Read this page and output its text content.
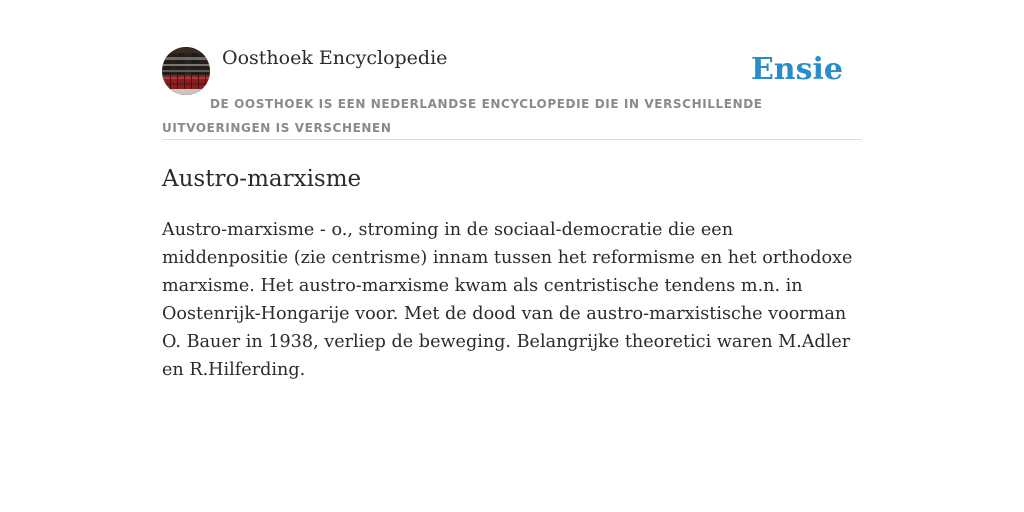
Oosthoek Encyclopedie	Ensie
DE OOSTHOEK IS EEN NEDERLANDSE ENCYCLOPEDIE DIE IN VERSCHILLENDE UITVOERINGEN IS VERSCHENEN
Austro-marxisme

Austro-marxisme - o., stroming in de sociaal-democratie die een middenpositie (zie centrisme) innam tussen het reformisme en het orthodoxe marxisme. Het austro-marxisme kwam als centristische tendens m.n. in Oostenrijk-Hongarije voor. Met de dood van de austro-marxistische voorman O. Bauer in 1938, verliep de beweging. Belangrijke theoretici waren M.Adler en R.Hilferding.
